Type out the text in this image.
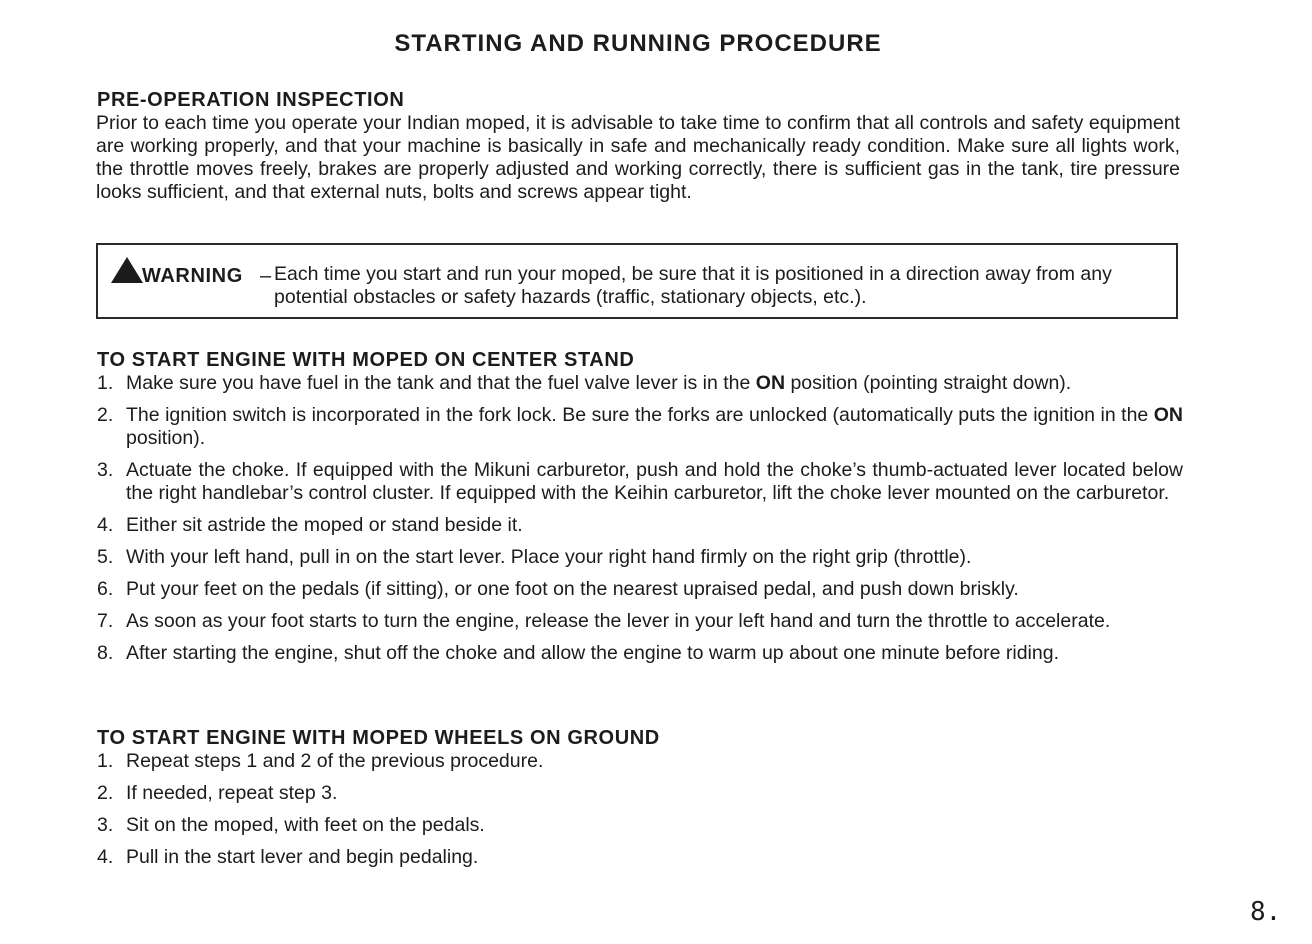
STARTING AND RUNNING PROCEDURE
PRE-OPERATION INSPECTION
Prior to each time you operate your Indian moped, it is advisable to take time to confirm that all controls and safety equipment are working properly, and that your machine is basically in safe and mechanically ready condition. Make sure all lights work, the throttle moves freely, brakes are properly adjusted and working correctly, there is sufficient gas in the tank, tire pressure looks sufficient, and that external nuts, bolts and screws appear tight.
WARNING – Each time you start and run your moped, be sure that it is positioned in a direction away from any potential obstacles or safety hazards (traffic, stationary objects, etc.).
TO START ENGINE WITH MOPED ON CENTER STAND
1. Make sure you have fuel in the tank and that the fuel valve lever is in the ON position (pointing straight down).
2. The ignition switch is incorporated in the fork lock. Be sure the forks are unlocked (automatically puts the ignition in the ON position).
3. Actuate the choke. If equipped with the Mikuni carburetor, push and hold the choke’s thumb-actuated lever located below the right handlebar’s control cluster. If equipped with the Keihin carburetor, lift the choke lever mounted on the carburetor.
4. Either sit astride the moped or stand beside it.
5. With your left hand, pull in on the start lever. Place your right hand firmly on the right grip (throttle).
6. Put your feet on the pedals (if sitting), or one foot on the nearest upraised pedal, and push down briskly.
7. As soon as your foot starts to turn the engine, release the lever in your left hand and turn the throttle to accelerate.
8. After starting the engine, shut off the choke and allow the engine to warm up about one minute before riding.
TO START ENGINE WITH MOPED WHEELS ON GROUND
1. Repeat steps 1 and 2 of the previous procedure.
2. If needed, repeat step 3.
3. Sit on the moped, with feet on the pedals.
4. Pull in the start lever and begin pedaling.
8.
